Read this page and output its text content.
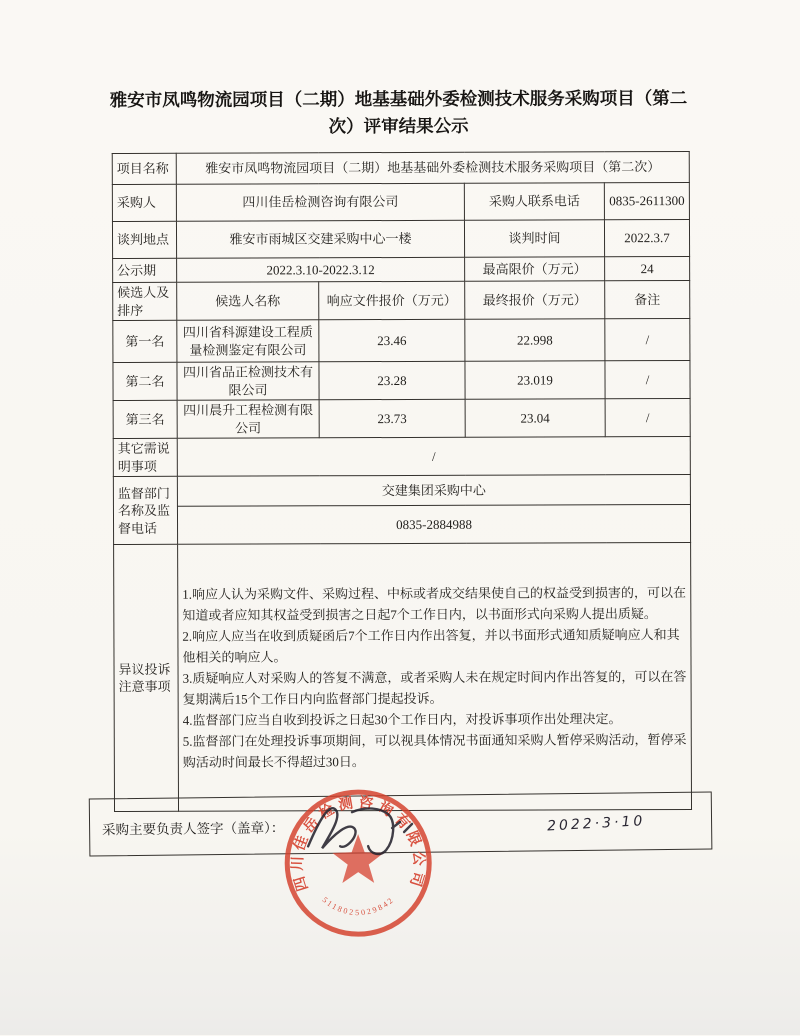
雅安市凤鸣物流园项目（二期）地基基础外委检测技术服务采购项目（第二次）评审结果公示
项目名称	雅安市凤鸣物流园项目（二期）地基基础外委检测技术服务采购项目（第二次）			
采购人	四川佳岳检测咨询有限公司		采购人联系电话	0835-2611300
谈判地点	雅安市雨城区交建采购中心一楼		谈判时间	2022.3.7
公示期	2022.3.10-2022.3.12		最高限价（万元）	24
候选人及排序	候选人名称	响应文件报价（万元）	最终报价（万元）	备注
第一名	四川省科源建设工程质量检测鉴定有限公司	23.46	22.998	/
第二名	四川省品正检测技术有限公司	23.28	23.019	/
第三名	四川晨升工程检测有限公司	23.73	23.04	/
其它需说明事项	/			
监督部门名称及监督电话	交建集团采购中心			
	0835-2884988			
异议投诉注意事项	1.响应人认为采购文件、采购过程、中标或者成交结果使自己的权益受到损害的，可以在知道或者应知其权益受到损害之日起7个工作日内，以书面形式向采购人提出质疑。
2.响应人应当在收到质疑函后7个工作日内作出答复，并以书面形式通知质疑响应人和其他相关的响应人。
3.质疑响应人对采购人的答复不满意，或者采购人未在规定时间内作出答复的，可以在答复期满后15个工作日内向监督部门提起投诉。
4.监督部门应当自收到投诉之日起30个工作日内，对投诉事项作出处理决定。
5.监督部门在处理投诉事项期间，可以视具体情况书面通知采购人暂停采购活动，暂停采购活动时间最长不得超过30日。			
采购主要负责人签字（盖章）：	2022·3·10
四川佳岳检测咨询有限公司
5118025029842
